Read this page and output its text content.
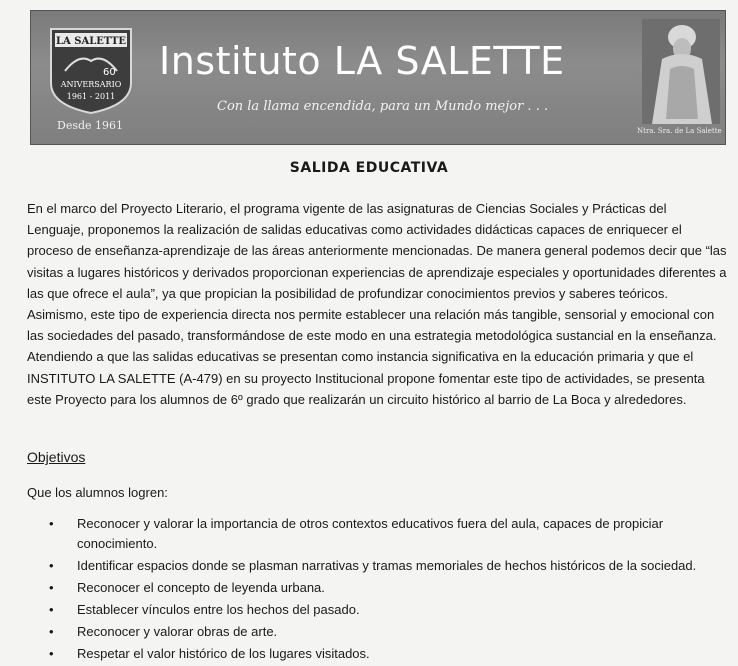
LA SALETTE
60
ANIVERSARIO
1961 - 2011
Desde 1961
Instituto LA SALETTE
Con la llama encendida, para un Mundo mejor . . .
Ntra. Sra. de La Salette
SALIDA EDUCATIVA

En el marco del Proyecto Literario, el programa vigente de las asignaturas de Ciencias Sociales y Prácticas del Lenguaje, proponemos la realización de salidas educativas como actividades didácticas capaces de enriquecer el proceso de enseñanza-aprendizaje de las áreas anteriormente mencionadas. De manera general podemos decir que “las visitas a lugares históricos y derivados proporcionan experiencias de aprendizaje especiales y oportunidades diferentes a las que ofrece el aula”, ya que propician la posibilidad de profundizar conocimientos previos y saberes teóricos. Asimismo, este tipo de experiencia directa nos permite establecer una relación más tangible, sensorial y emocional con las sociedades del pasado, transformándose de este modo en una estrategia metodológica sustancial en la enseñanza. Atendiendo a que las salidas educativas se presentan como instancia significativa en la educación primaria y que el INSTITUTO LA SALETTE (A-479) en su proyecto Institucional propone fomentar este tipo de actividades, se presenta este Proyecto para los alumnos de 6º grado que realizarán un circuito histórico al barrio de La Boca y alrededores.

Objetivos

Que los alumnos logren:

• Reconocer y valorar la importancia de otros contextos educativos fuera del aula, capaces de propiciar conocimiento.
• Identificar espacios donde se plasman narrativas y tramas memoriales de hechos históricos de la sociedad.
• Reconocer el concepto de leyenda urbana.
• Establecer vínculos entre los hechos del pasado.
• Reconocer y valorar obras de arte.
• Respetar el valor histórico de los lugares visitados.
